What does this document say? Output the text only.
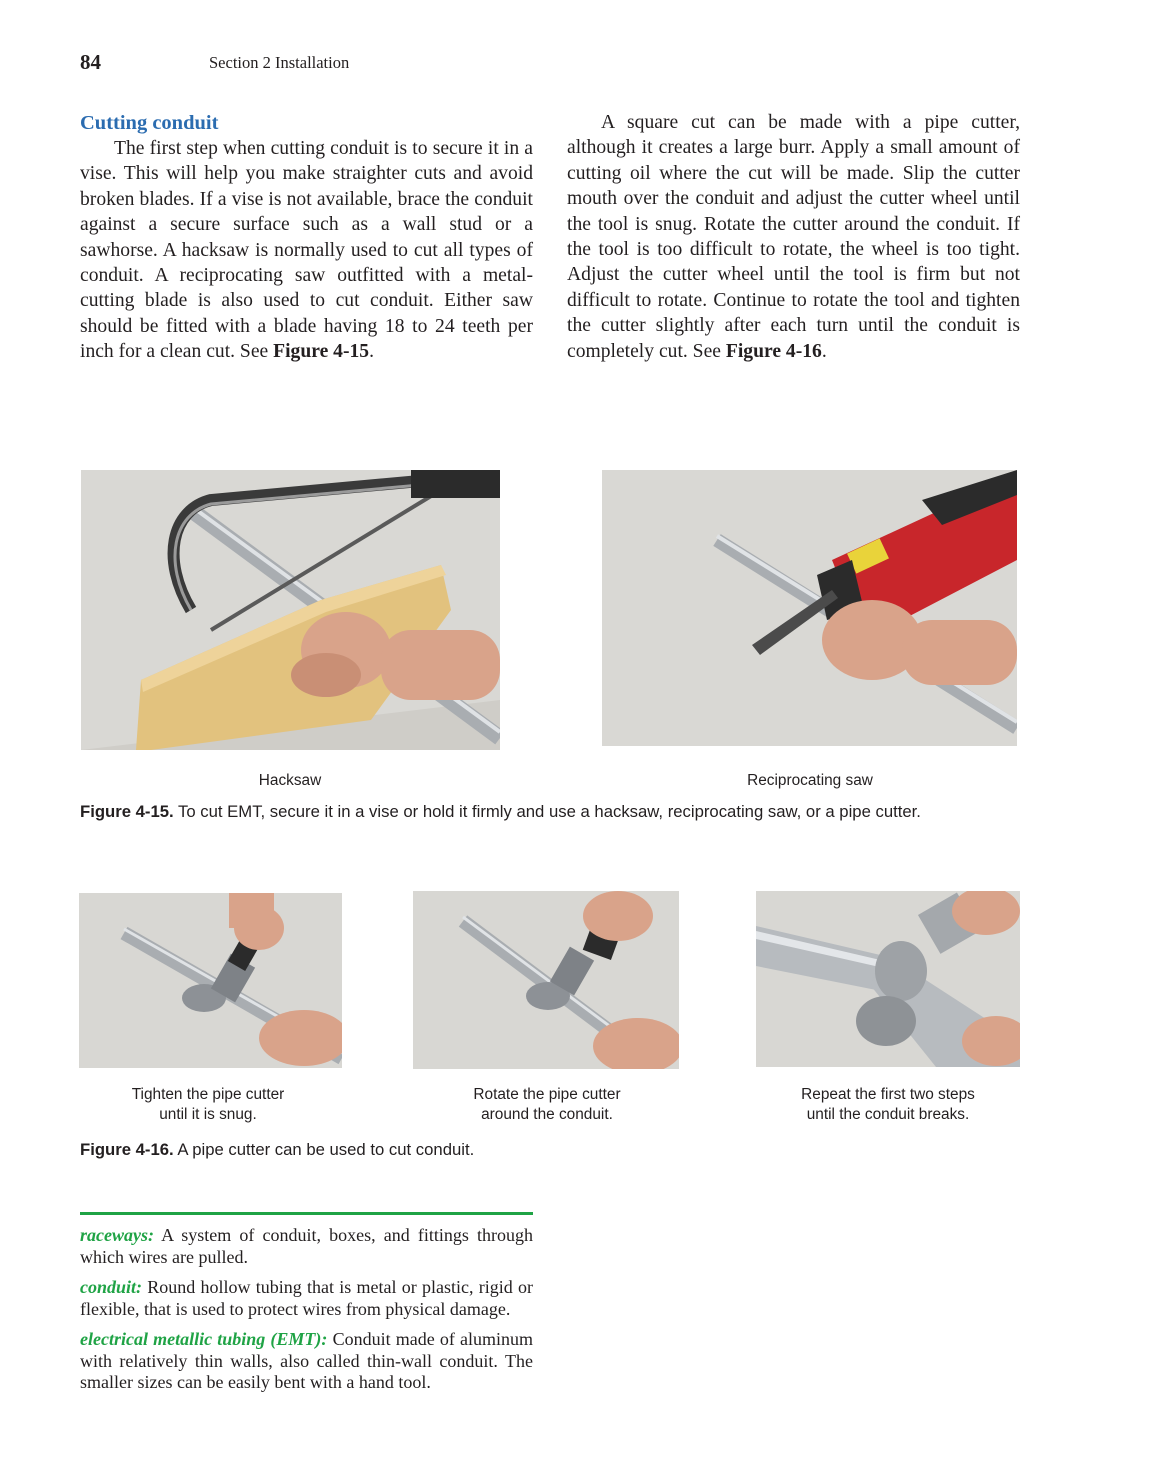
84	Section 2 Installation
Cutting conduit

The first step when cutting conduit is to secure it in a vise. This will help you make straighter cuts and avoid broken blades. If a vise is not available, brace the conduit against a secure surface such as a wall stud or a sawhorse. A hacksaw is normally used to cut all types of conduit. A reciprocating saw outfitted with a metal-cutting blade is also used to cut conduit. Either saw should be fitted with a blade having 18 to 24 teeth per inch for a clean cut. See Figure 4-15.

A square cut can be made with a pipe cutter, although it creates a large burr. Apply a small amount of cutting oil where the cut will be made. Slip the cutter mouth over the conduit and adjust the cutter wheel until the tool is snug. Rotate the cutter around the conduit. If the tool is too difficult to rotate, the wheel is too tight. Adjust the cutter wheel until the tool is firm but not difficult to rotate. Continue to rotate the tool and tighten the cutter slightly after each turn until the conduit is completely cut. See Figure 4-16.

Hacksaw	Reciprocating saw
Figure 4-15. To cut EMT, secure it in a vise or hold it firmly and use a hacksaw, reciprocating saw, or a pipe cutter.
Tighten the pipe cutter
until it is snug.
Rotate the pipe cutter
around the conduit.
Repeat the first two steps
until the conduit breaks.
Figure 4-16. A pipe cutter can be used to cut conduit.

raceways: A system of conduit, boxes, and fittings through which wires are pulled.

conduit: Round hollow tubing that is metal or plastic, rigid or flexible, that is used to protect wires from physical damage.

electrical metallic tubing (EMT): Conduit made of aluminum with relatively thin walls, also called thin-wall conduit. The smaller sizes can be easily bent with a hand tool.
